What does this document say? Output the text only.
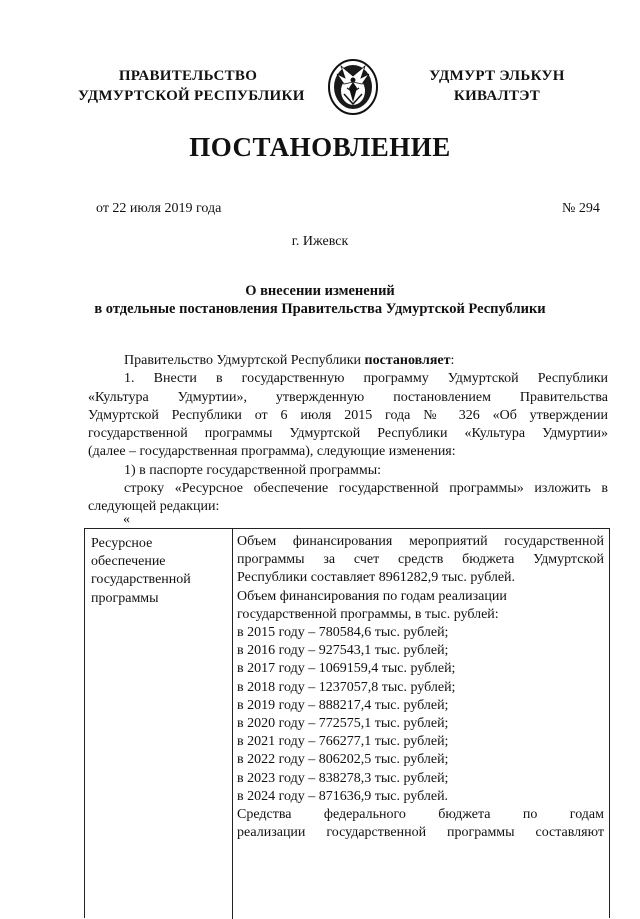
ПРАВИТЕЛЬСТВО
УДМУРТСКОЙ РЕСПУБЛИКИ
УДМУРТ ЭЛЬКУН
КИВАЛТЭТ
ПОСТАНОВЛЕНИЕ
от 22 июля 2019 года	№ 294
г. Ижевск
О внесении изменений
в отдельные постановления Правительства Удмуртской Республики

Правительство Удмуртской Республики постановляет:

1. Внести в государственную программу Удмуртской Республики

«Культура Удмуртии», утвержденную постановлением Правительства

Удмуртской Республики от 6 июля 2015 года № 326 «Об утверждении

государственной программы Удмуртской Республики «Культура Удмуртии»

(далее – государственная программа), следующие изменения:

1) в паспорте государственной программы:

строку «Ресурсное обеспечение государственной программы» изложить в

следующей редакции:

«
Ресурсное
обеспечение
государственной
программы
Объем финансирования мероприятий государственной
программы за счет средств бюджета Удмуртской
Республики составляет 8961282,9 тыс. рублей.
Объем финансирования по годам реализации
государственной программы, в тыс. рублей:
в 2015 году – 780584,6 тыс. рублей;
в 2016 году – 927543,1 тыс. рублей;
в 2017 году – 1069159,4 тыс. рублей;
в 2018 году – 1237057,8 тыс. рублей;
в 2019 году – 888217,4 тыс. рублей;
в 2020 году – 772575,1 тыс. рублей;
в 2021 году – 766277,1 тыс. рублей;
в 2022 году – 806202,5 тыс. рублей;
в 2023 году – 838278,3 тыс. рублей;
в 2024 году – 871636,9 тыс. рублей.
Средства федерального бюджета по годам
реализации государственной программы составляют
